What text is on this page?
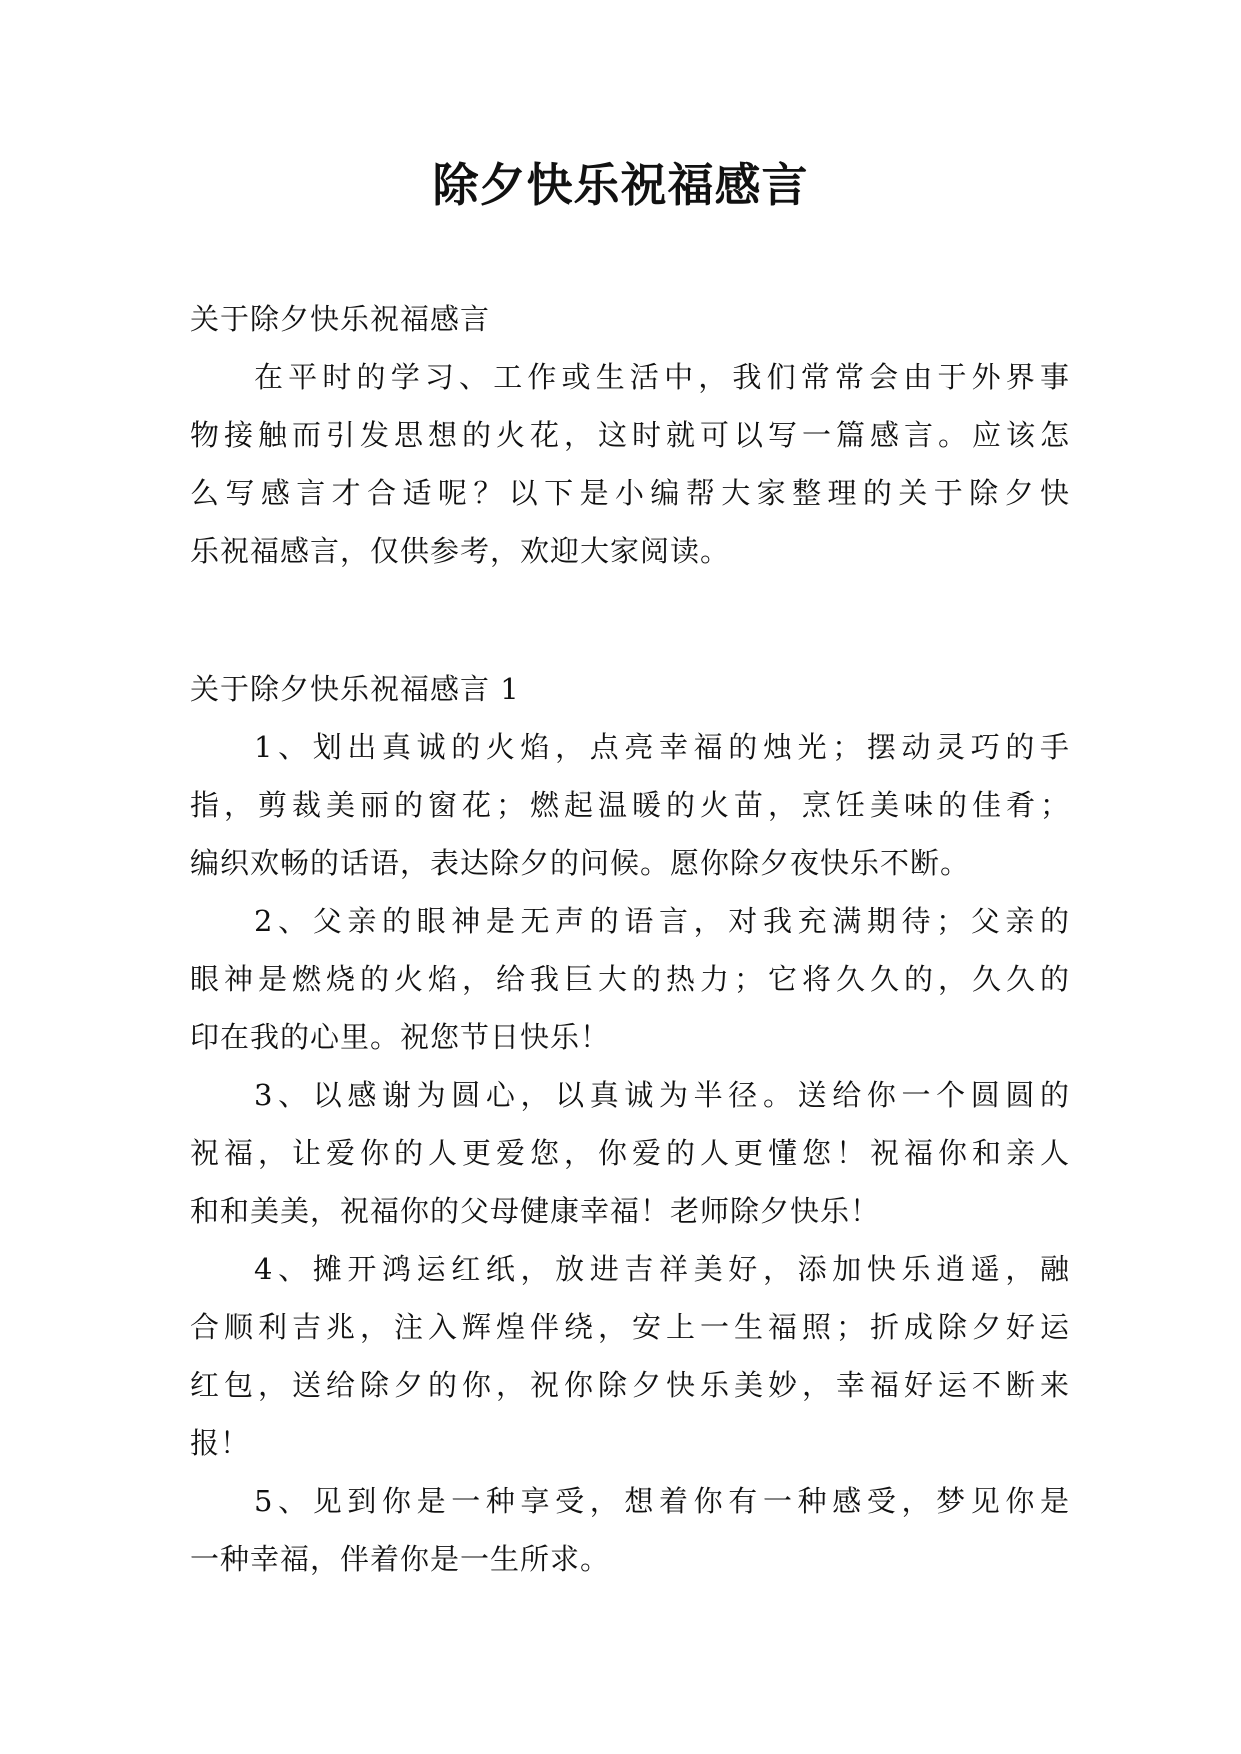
除夕快乐祝福感言
关于除夕快乐祝福感言
在平时的学习、工作或生活中，我们常常会由于外界事
物接触而引发思想的火花，这时就可以写一篇感言。应该怎
么写感言才合适呢？以下是小编帮大家整理的关于除夕快
乐祝福感言，仅供参考，欢迎大家阅读。
关于除夕快乐祝福感言 1
1、划出真诚的火焰，点亮幸福的烛光；摆动灵巧的手
指，剪裁美丽的窗花；燃起温暖的火苗，烹饪美味的佳肴；
编织欢畅的话语，表达除夕的问候。愿你除夕夜快乐不断。
2、父亲的眼神是无声的语言，对我充满期待；父亲的
眼神是燃烧的火焰，给我巨大的热力；它将久久的，久久的
印在我的心里。祝您节日快乐！
3、以感谢为圆心，以真诚为半径。送给你一个圆圆的
祝福，让爱你的人更爱您，你爱的人更懂您！祝福你和亲人
和和美美，祝福你的父母健康幸福！老师除夕快乐！
4、摊开鸿运红纸，放进吉祥美好，添加快乐逍遥，融
合顺利吉兆，注入辉煌伴绕，安上一生福照；折成除夕好运
红包，送给除夕的你，祝你除夕快乐美妙，幸福好运不断来
报！
5、见到你是一种享受，想着你有一种感受，梦见你是
一种幸福，伴着你是一生所求。
